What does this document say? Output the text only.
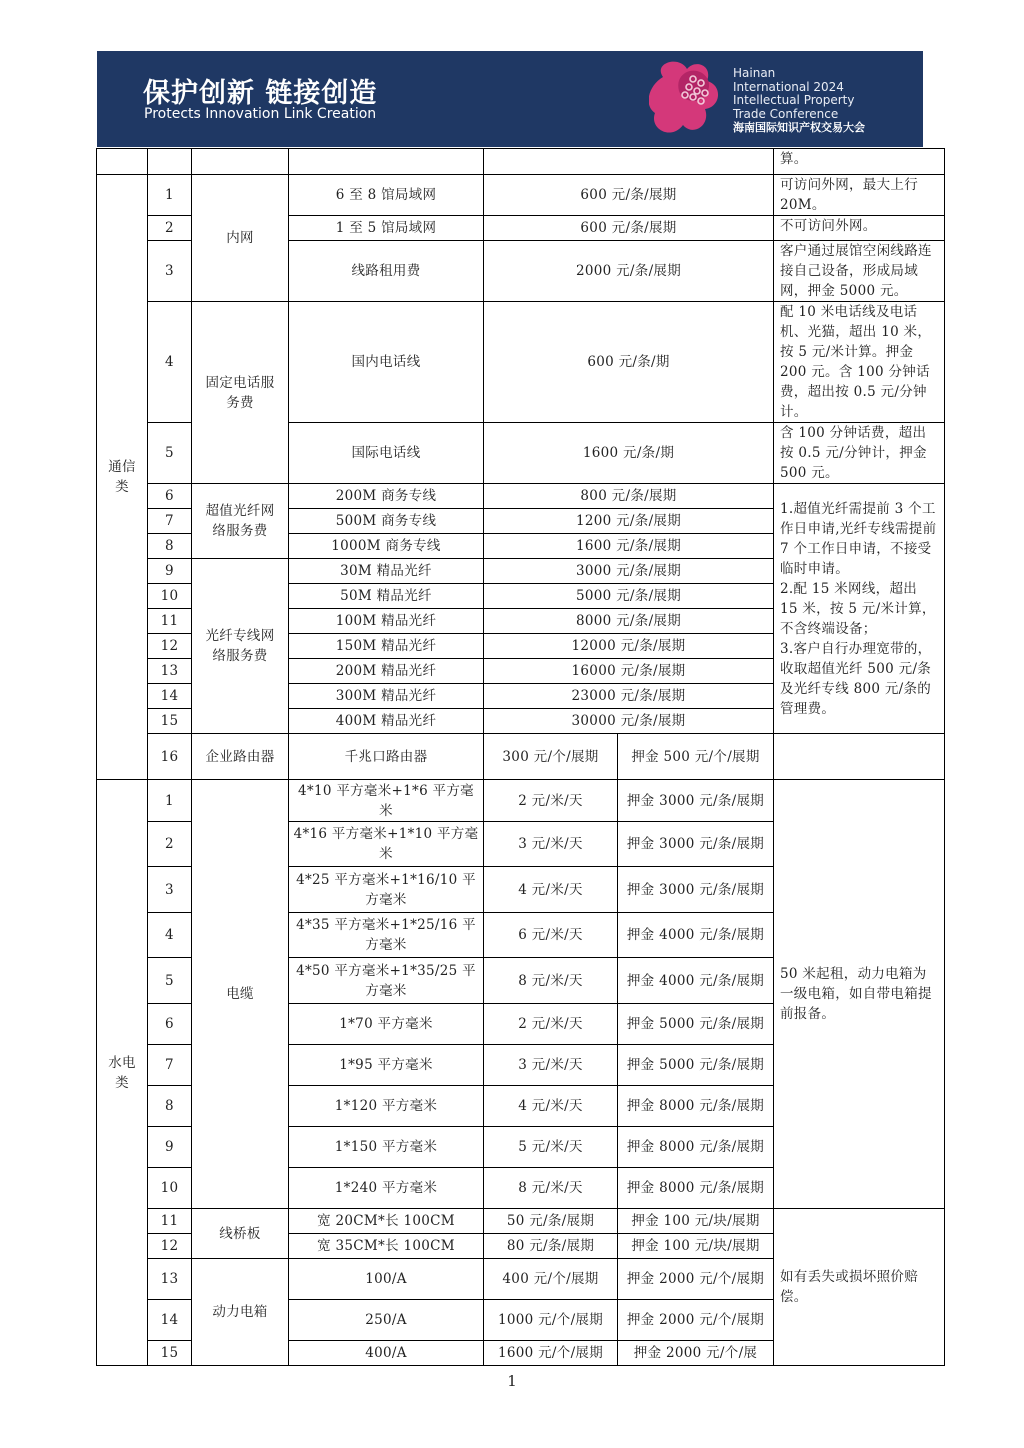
保护创新 链接创造
Protects Innovation Link Creation
Hainan
International 2024
Intellectual Property
Trade Conference
海南国际知识产权交易大会
						算。
通信
类	1	内网	6 至 8 馆局域网	600 元/条/展期		可访问外网，最大上行20M。
	2		1 至 5 馆局域网	600 元/条/展期		不可访问外网。
	3		线路租用费	2000 元/条/展期		客户通过展馆空闲线路连接自己设备，形成局域网，押金 5000 元。
	4	固定电话服
务费	国内电话线	600 元/条/期		配 10 米电话线及电话机、光猫，超出 10 米，按 5 元/米计算。押金 200 元。含 100 分钟话费，超出按 0.5 元/分钟计。
	5		国际电话线	1600 元/条/期		含 100 分钟话费，超出按 0.5 元/分钟计，押金 500 元。
	6	超值光纤网
络服务费	200M 商务专线	800 元/条/展期		1.超值光纤需提前 3 个工作日申请,光纤专线需提前 7 个工作日申请，不接受临时申请。
2.配 15 米网线，超出 15 米，按 5 元/米计算，不含终端设备；
3.客户自行办理宽带的，收取超值光纤 500 元/条及光纤专线 800 元/条的管理费。
	7		500M 商务专线	1200 元/条/展期		
	8		1000M 商务专线	1600 元/条/展期		
	9	光纤专线网
络服务费	30M 精品光纤	3000 元/条/展期		
	10		50M 精品光纤	5000 元/条/展期		
	11		100M 精品光纤	8000 元/条/展期		
	12		150M 精品光纤	12000 元/条/展期		
	13		200M 精品光纤	16000 元/条/展期		
	14		300M 精品光纤	23000 元/条/展期		
	15		400M 精品光纤	30000 元/条/展期		
	16	企业路由器	千兆口路由器	300 元/个/展期	押金 500 元/个/展期	
水电
类	1	电缆	4*10 平方毫米+1*6 平方毫米	2 元/米/天	押金 3000 元/条/展期	50 米起租，动力电箱为一级电箱，如自带电箱提前报备。
	2		4*16 平方毫米+1*10 平方毫米	3 元/米/天	押金 3000 元/条/展期	
	3		4*25 平方毫米+1*16/10 平方毫米	4 元/米/天	押金 3000 元/条/展期	
	4		4*35 平方毫米+1*25/16 平方毫米	6 元/米/天	押金 4000 元/条/展期	
	5		4*50 平方毫米+1*35/25 平方毫米	8 元/米/天	押金 4000 元/条/展期	
	6		1*70 平方毫米	2 元/米/天	押金 5000 元/条/展期	
	7		1*95 平方毫米	3 元/米/天	押金 5000 元/条/展期	
	8		1*120 平方毫米	4 元/米/天	押金 8000 元/条/展期	
	9		1*150 平方毫米	5 元/米/天	押金 8000 元/条/展期	
	10		1*240 平方毫米	8 元/米/天	押金 8000 元/条/展期	
	11	线桥板	宽 20CM*长 100CM	50 元/条/展期	押金 100 元/块/展期	如有丢失或损坏照价赔偿。
	12		宽 35CM*长 100CM	80 元/条/展期	押金 100 元/块/展期	
	13	动力电箱	100/A	400 元/个/展期	押金 2000 元/个/展期	
	14		250/A	1000 元/个/展期	押金 2000 元/个/展期	
	15		400/A	1600 元/个/展期	押金 2000 元/个/展	
1
